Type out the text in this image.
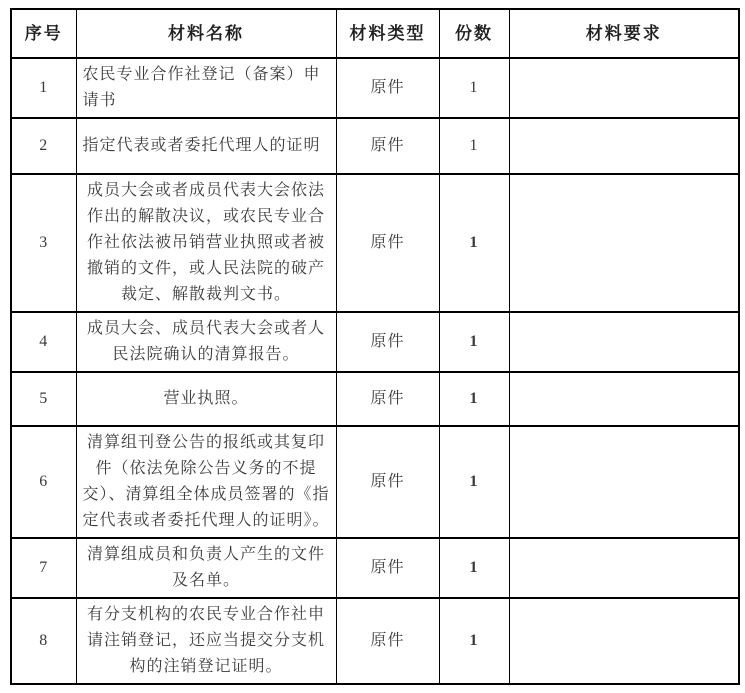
序号	材料名称	材料类型	份数	材料要求
1	农民专业合作社登记（备案）申请书	原件	1	
2	指定代表或者委托代理人的证明	原件	1	
3	成员大会或者成员代表大会依法作出的解散决议，或农民专业合作社依法被吊销营业执照或者被撤销的文件，或人民法院的破产裁定、解散裁判文书。	原件	1	
4	成员大会、成员代表大会或者人民法院确认的清算报告。	原件	1	
5	营业执照。	原件	1	
6	清算组刊登公告的报纸或其复印件（依法免除公告义务的不提交）、清算组全体成员签署的《指定代表或者委托代理人的证明》。	原件	1	
7	清算组成员和负责人产生的文件及名单。	原件	1	
8	有分支机构的农民专业合作社申请注销登记，还应当提交分支机构的注销登记证明。	原件	1	
